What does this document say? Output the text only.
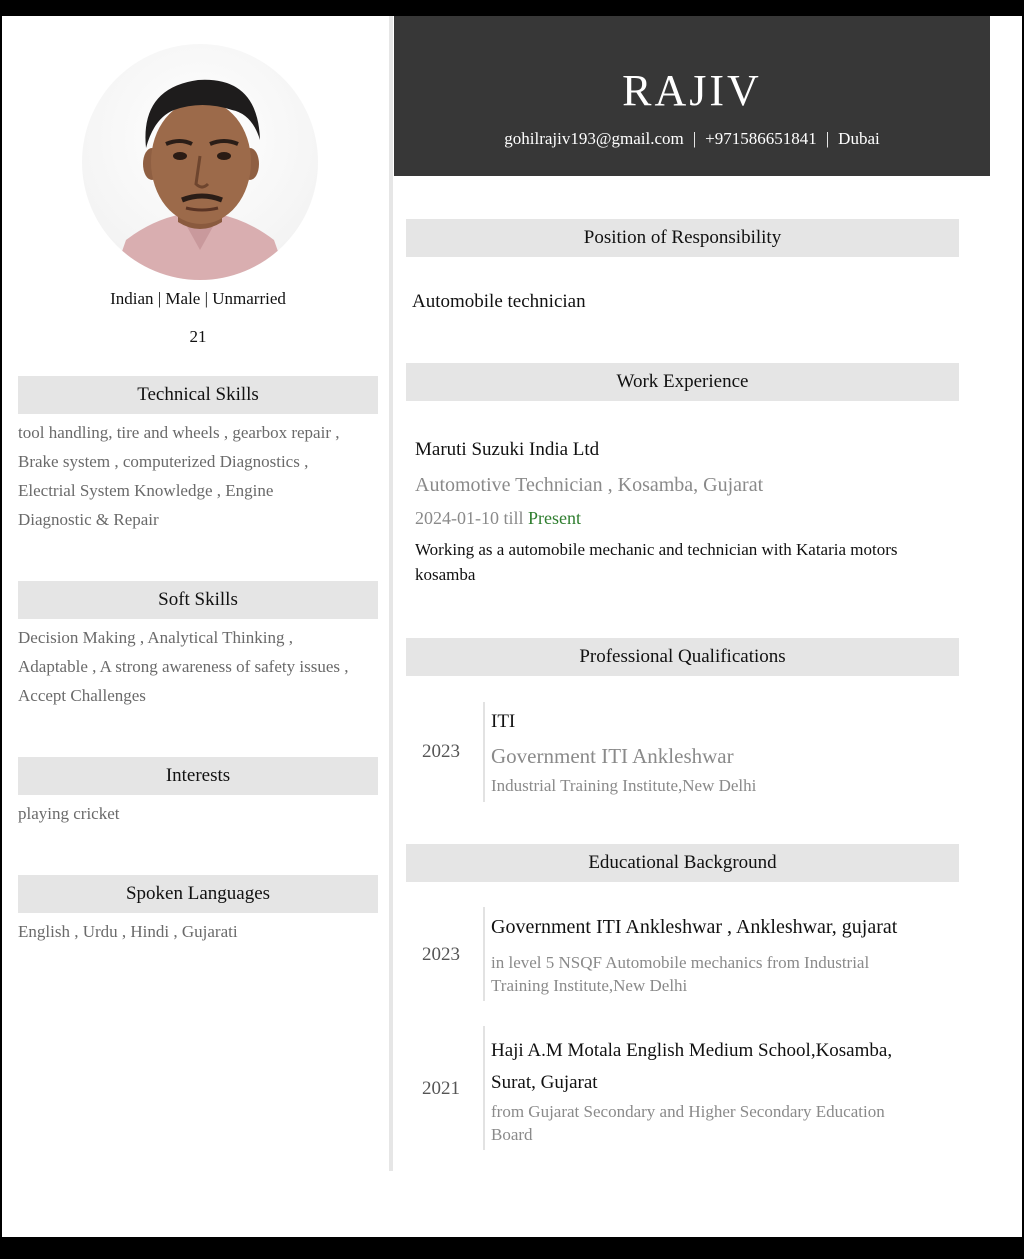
Indian | Male | Unmarried
21
Technical Skills
tool handling, tire and wheels , gearbox repair ,
Brake system , computerized Diagnostics ,
Electrial System Knowledge , Engine
Diagnostic & Repair
Soft Skills
Decision Making , Analytical Thinking ,
Adaptable , A strong awareness of safety issues ,
Accept Challenges
Interests
playing cricket
Spoken Languages
English , Urdu , Hindi , Gujarati
RAJIV
gohilrajiv193@gmail.com | +971586651841 | Dubai
Position of Responsibility
Automobile technician
Work Experience
Maruti Suzuki India Ltd
Automotive Technician , Kosamba, Gujarat
2024-01-10 till Present
Working as a automobile mechanic and technician with Kataria motors
kosamba
Professional Qualifications
2023
ITI
Government ITI Ankleshwar
Industrial Training Institute,New Delhi
Educational Background
2023
Government ITI Ankleshwar , Ankleshwar, gujarat
in level 5 NSQF Automobile mechanics from Industrial
Training Institute,New Delhi
2021
Haji A.M Motala English Medium School,Kosamba,
Surat, Gujarat
from Gujarat Secondary and Higher Secondary Education
Board
